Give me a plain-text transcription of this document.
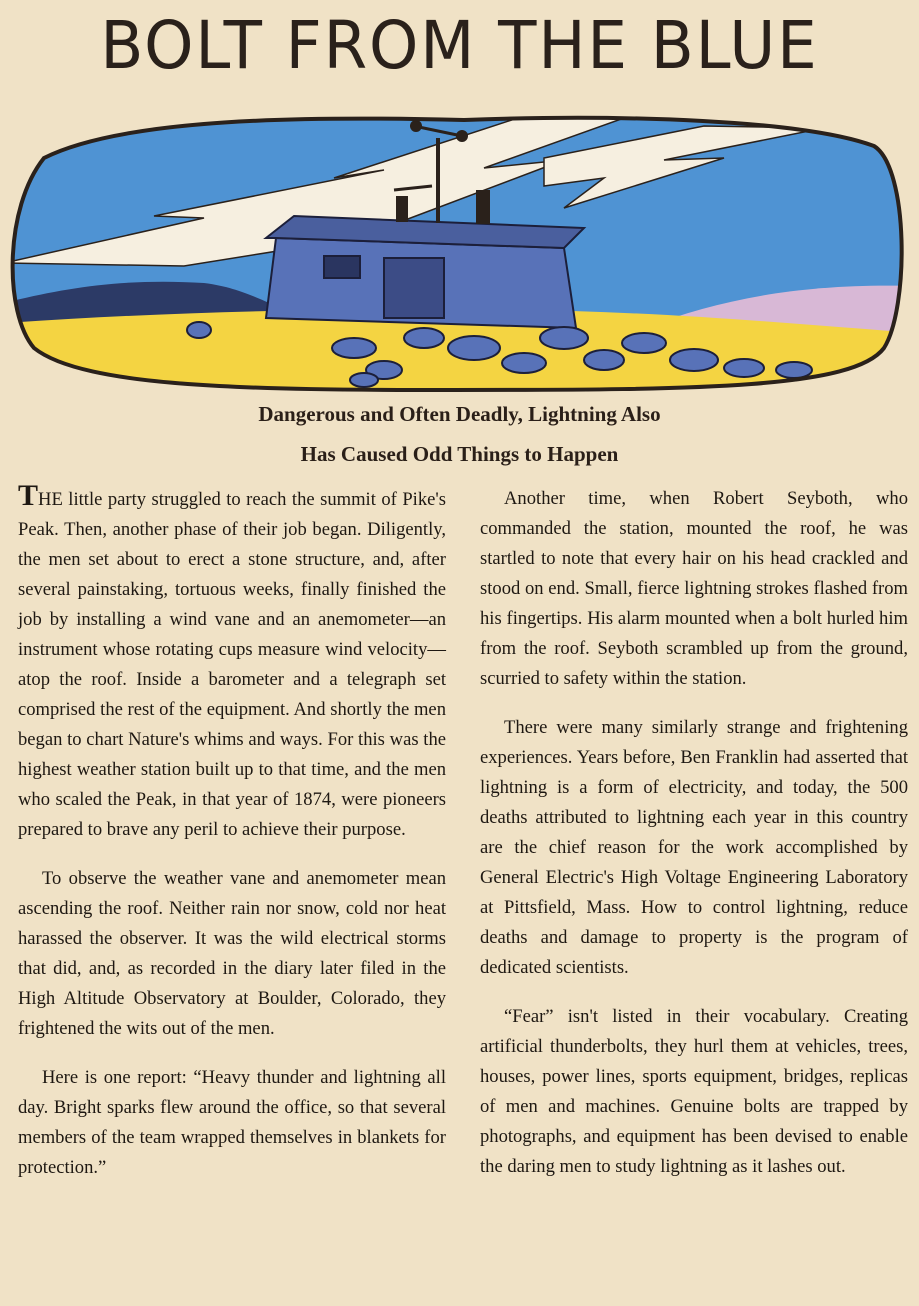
BOLT FROM THE BLUE
Dangerous and Often Deadly, Lightning Also
Has Caused Odd Things to Happen

THE little party struggled to reach the summit of Pike's Peak. Then, another phase of their job began. Diligently, the men set about to erect a stone structure, and, after several painstaking, tortuous weeks, finally finished the job by installing a wind vane and an anemometer—an instrument whose rotating cups measure wind velocity—atop the roof. Inside a barometer and a telegraph set comprised the rest of the equipment. And shortly the men began to chart Nature's whims and ways. For this was the highest weather station built up to that time, and the men who scaled the Peak, in that year of 1874, were pioneers prepared to brave any peril to achieve their purpose.

To observe the weather vane and anemometer mean ascending the roof. Neither rain nor snow, cold nor heat harassed the observer. It was the wild electrical storms that did, and, as recorded in the diary later filed in the High Altitude Observatory at Boulder, Colorado, they frightened the wits out of the men.

Here is one report: “Heavy thunder and lightning all day. Bright sparks flew around the office, so that several members of the team wrapped themselves in blankets for protection.”

Another time, when Robert Seyboth, who commanded the station, mounted the roof, he was startled to note that every hair on his head crackled and stood on end. Small, fierce lightning strokes flashed from his fingertips. His alarm mounted when a bolt hurled him from the roof. Seyboth scrambled up from the ground, scurried to safety within the station.

There were many similarly strange and frightening experiences. Years before, Ben Franklin had asserted that lightning is a form of electricity, and today, the 500 deaths attributed to lightning each year in this country are the chief reason for the work accomplished by General Electric's High Voltage Engineering Laboratory at Pittsfield, Mass. How to control lightning, reduce deaths and damage to property is the program of dedicated scientists.

“Fear” isn't listed in their vocabulary. Creating artificial thunderbolts, they hurl them at vehicles, trees, houses, power lines, sports equipment, bridges, replicas of men and machines. Genuine bolts are trapped by photographs, and equipment has been devised to enable the daring men to study lightning as it lashes out.
